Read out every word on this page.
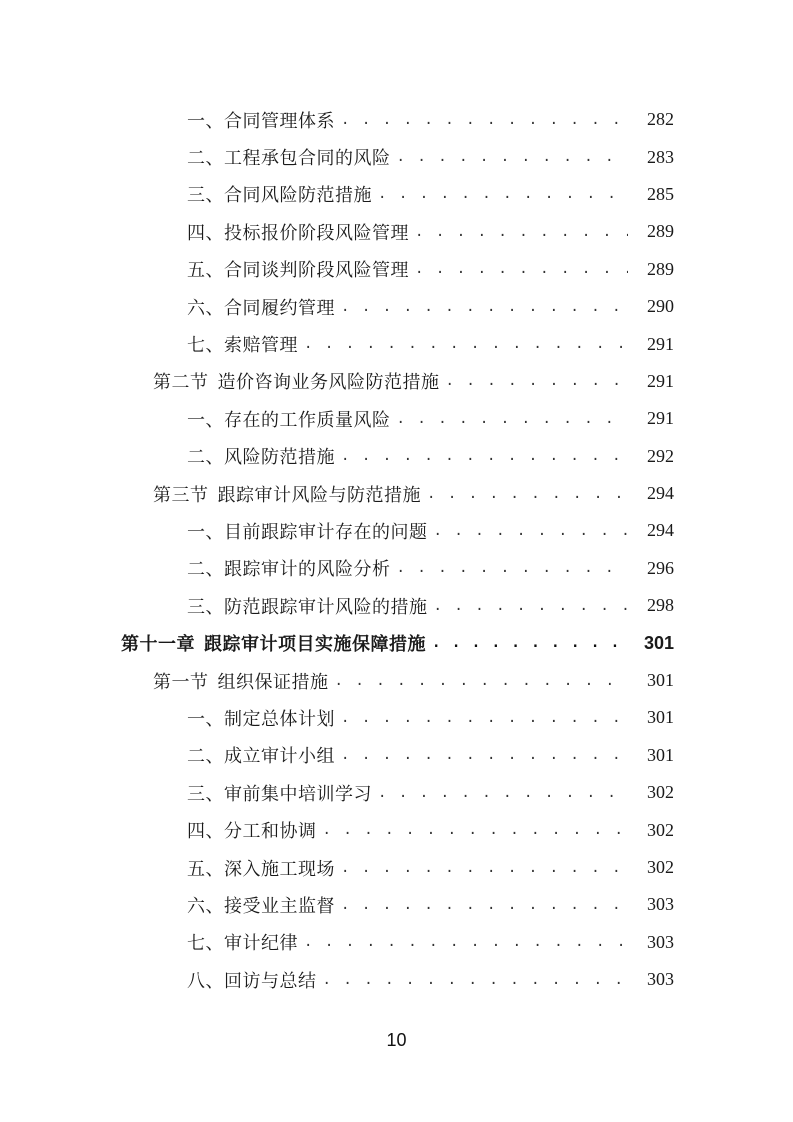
一、合同管理体系 . . .	282
二、工程承包合同的风险 . . .	283
三、合同风险防范措施 . . .	285
四、投标报价阶段风险管理 . . .	289
五、合同谈判阶段风险管理 . . .	289
六、合同履约管理 . . .	290
七、索赔管理 . . .	291
第二节 造价咨询业务风险防范措施 . . .	291
一、存在的工作质量风险 . . .	291
二、风险防范措施 . . .	292
第三节 跟踪审计风险与防范措施 . . .	294
一、目前跟踪审计存在的问题 . . .	294
二、跟踪审计的风险分析 . . .	296
三、防范跟踪审计风险的措施 . . .	298
第十一章 跟踪审计项目实施保障措施 . . .	301
第一节 组织保证措施 . . .	301
一、制定总体计划 . . .	301
二、成立审计小组 . . .	301
三、审前集中培训学习 . . .	302
四、分工和协调 . . .	302
五、深入施工现场 . . .	302
六、接受业主监督 . . .	303
七、审计纪律 . . .	303
八、回访与总结 . . .	303
10
